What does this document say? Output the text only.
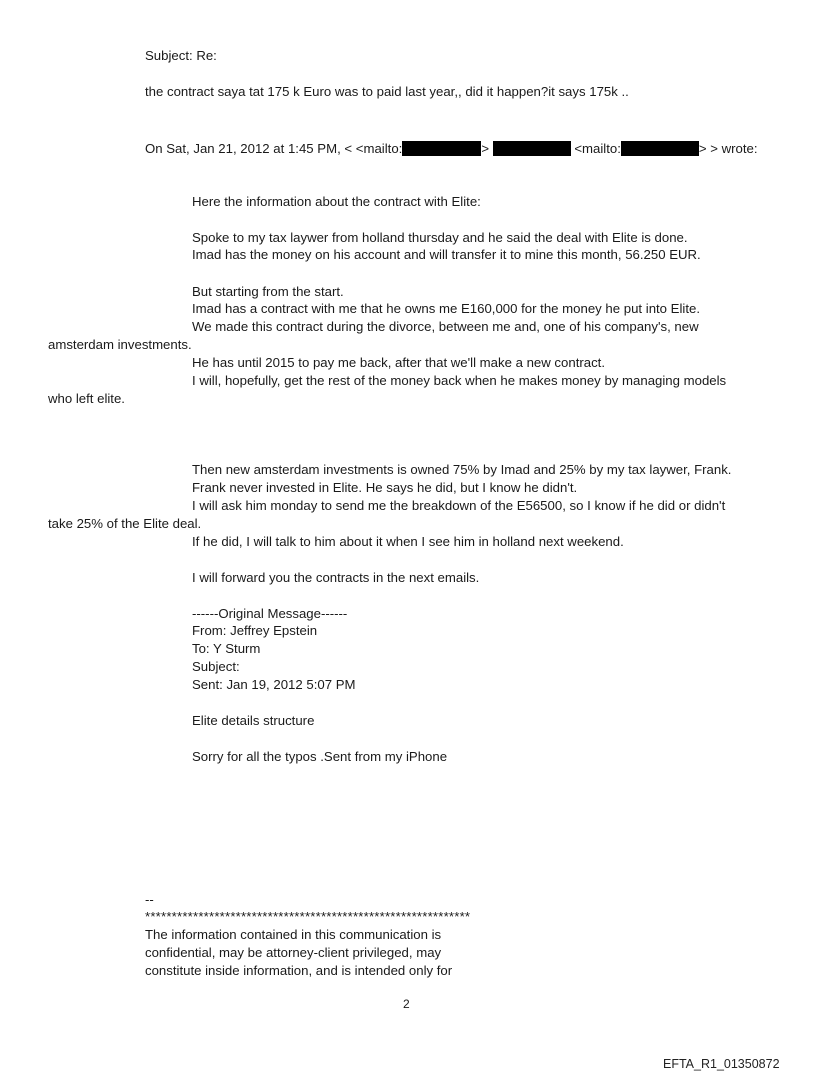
Subject: Re:
the contract saya tat 175 k Euro was to paid last year,, did it happen?it says 175k ..
On Sat, Jan 21, 2012 at 1:45 PM, < <mailto:	>	<mailto:	> > wrote:
Here the information about the contract with Elite:
Spoke to my tax laywer from holland thursday and he said the deal with Elite is done.
Imad has the money on his account and will transfer it to mine this month, 56.250 EUR.
But starting from the start.
Imad has a contract with me that he owns me E160,000 for the money he put into Elite.
We made this contract during the divorce, between me and, one of his company's, new
amsterdam investments.
He has until 2015 to pay me back, after that we'll make a new contract.
I will, hopefully, get the rest of the money back when he makes money by managing models
who left elite.
Then new amsterdam investments is owned 75% by Imad and 25% by my tax laywer, Frank.
Frank never invested in Elite. He says he did, but I know he didn't.
I will ask him monday to send me the breakdown of the E56500, so I know if he did or didn't
take 25% of the Elite deal.
If he did, I will talk to him about it when I see him in holland next weekend.
I will forward you the contracts in the next emails.
------Original Message------
From: Jeffrey Epstein
To: Y Sturm
Subject:
Sent: Jan 19, 2012 5:07 PM
Elite details structure
Sorry for all the typos .Sent from my iPhone
--
*************************************************************
The information contained in this communication is
confidential, may be attorney-client privileged, may
constitute inside information, and is intended only for
2
EFTA_R1_01350872
